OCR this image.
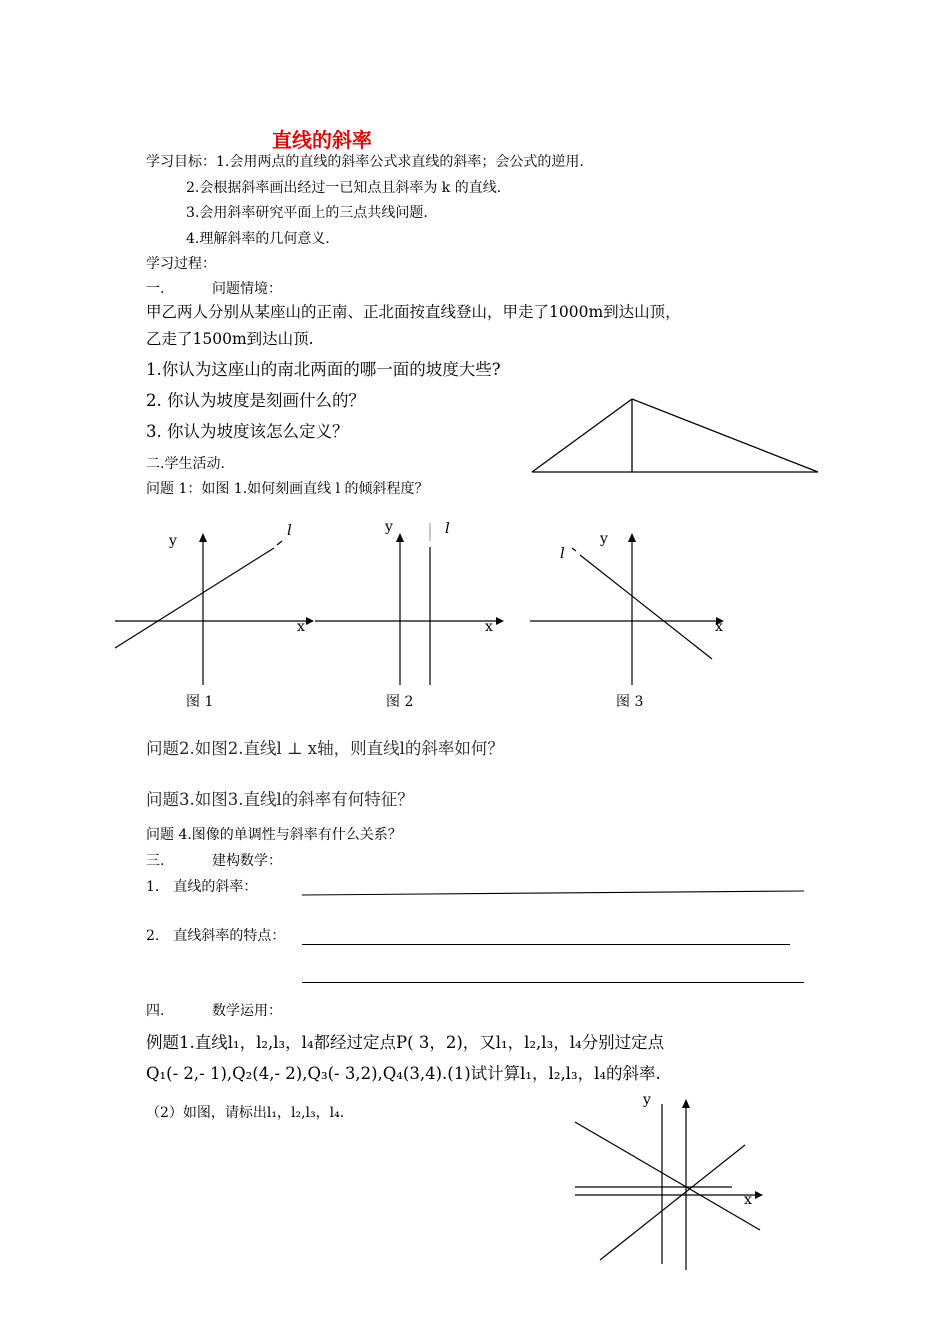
直线的斜率
学习目标：1.会用两点的直线的斜率公式求直线的斜率；会公式的逆用.
2.会根据斜率画出经过一已知点且斜率为 k 的直线.
3.会用斜率研究平面上的三点共线问题.
4.理解斜率的几何意义.
学习过程：
一.	问题情境：
甲乙两人分别从某座山的正南、正北面按直线登山，甲走了1000m到达山顶，
乙走了1500m到达山顶.
1.你认为这座山的南北两面的哪一面的坡度大些?
2. 你认为坡度是刻画什么的？
3. 你认为坡度该怎么定义？
二.学生活动.
问题 1：如图 1.如何刻画直线 l 的倾斜程度？
y
x
l
图 1
y
x
l
图 2
y
x
l
图 3
问题2.如图2.直线l ⊥ x轴，则直线l的斜率如何？
问题3.如图3.直线l的斜率有何特征？
问题 4.图像的单调性与斜率有什么关系？
三.	建构数学：
1.　直线的斜率：
2.　直线斜率的特点：
四.	数学运用：
例题1.直线l₁，l₂,l₃，l₄都经过定点P( 3，2)，又l₁，l₂,l₃，l₄分别过定点
Q₁(- 2,- 1),Q₂(4,- 2),Q₃(- 3,2),Q₄(3,4).(1)试计算l₁，l₂,l₃，l₄的斜率.
（2）如图，请标出l₁，l₂,l₃，l₄.
y
x
